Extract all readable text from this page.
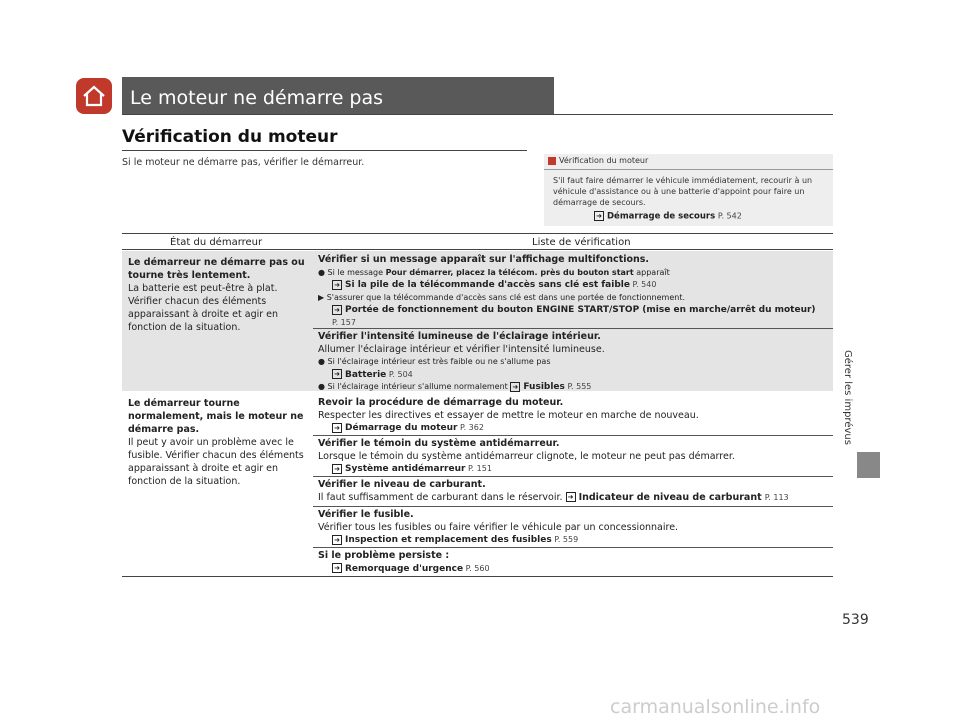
Le moteur ne démarre pas
Vérification du moteur
Si le moteur ne démarre pas, vérifier le démarreur.	Vérification du moteur
S'il faut faire démarrer le véhicule immédiatement, recourir à un véhicule d'assistance ou à une batterie d'appoint pour faire un démarrage de secours.
➜ Démarrage de secours P. 542
État du démarreur	Liste de vérification
Le démarreur ne démarre pas ou tourne très lentement.
La batterie est peut-être à plat. Vérifier chacun des éléments apparaissant à droite et agir en fonction de la situation.
Vérifier si un message apparaît sur l'affichage multifonctions.
● Si le message Pour démarrer, placez la télécom. près du bouton start apparaît
➜ Si la pile de la télécommande d'accès sans clé est faible P. 540
▶ S'assurer que la télécommande d'accès sans clé est dans une portée de fonctionnement.
➜ Portée de fonctionnement du bouton ENGINE START/STOP (mise en marche/arrêt du moteur)
P. 157
Vérifier l'intensité lumineuse de l'éclairage intérieur.
Allumer l'éclairage intérieur et vérifier l'intensité lumineuse.
● Si l'éclairage intérieur est très faible ou ne s'allume pas
➜ Batterie P. 504
● Si l'éclairage intérieur s'allume normalement ➜ Fusibles P. 555
Le démarreur tourne normalement, mais le moteur ne démarre pas.
Il peut y avoir un problème avec le fusible. Vérifier chacun des éléments apparaissant à droite et agir en fonction de la situation.
Revoir la procédure de démarrage du moteur.
Respecter les directives et essayer de mettre le moteur en marche de nouveau.
➜ Démarrage du moteur P. 362
Vérifier le témoin du système antidémarreur.
Lorsque le témoin du système antidémarreur clignote, le moteur ne peut pas démarrer.
➜ Système antidémarreur P. 151
Vérifier le niveau de carburant.
Il faut suffisamment de carburant dans le réservoir. ➜ Indicateur de niveau de carburant P. 113
Vérifier le fusible.
Vérifier tous les fusibles ou faire vérifier le véhicule par un concessionnaire.
➜ Inspection et remplacement des fusibles P. 559
Si le problème persiste :
➜ Remorquage d'urgence P. 560
Gérer les imprévus
539
carmanualsonline.info
